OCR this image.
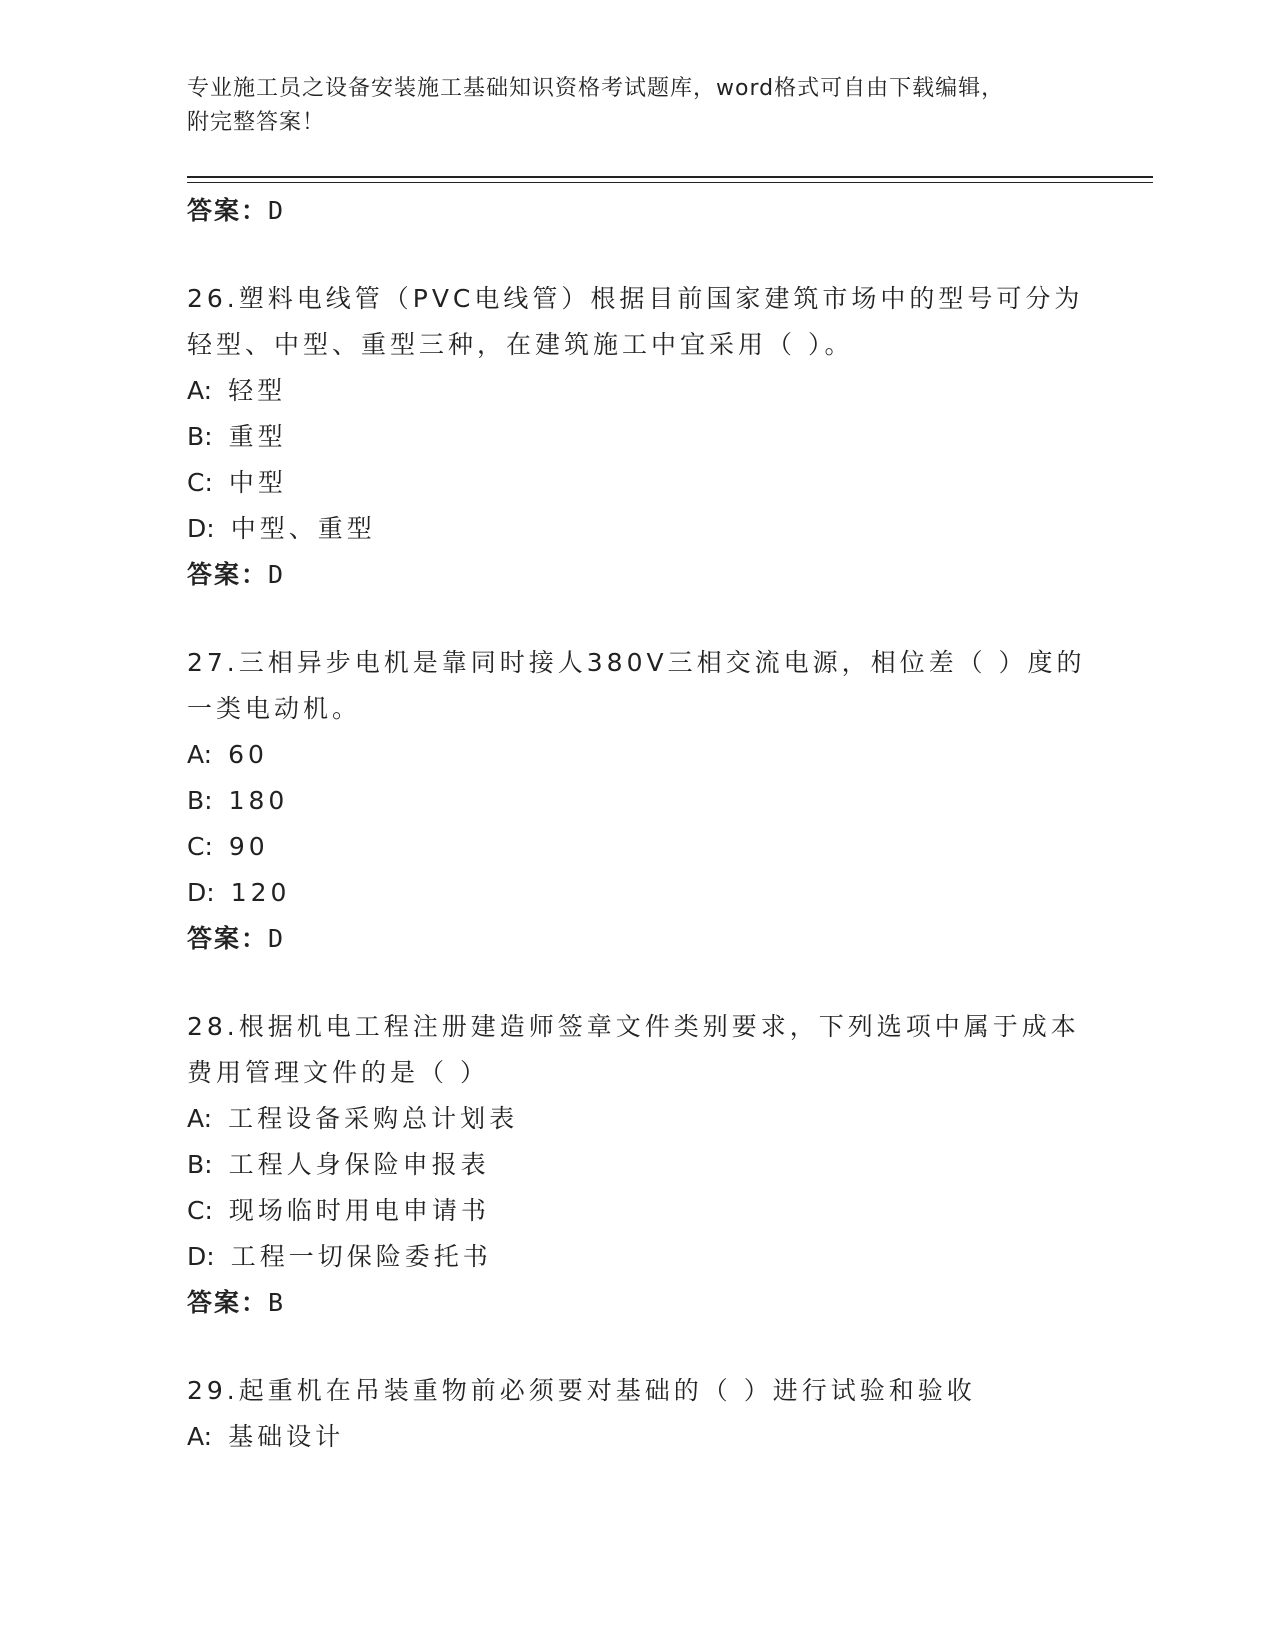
专业施工员之设备安装施工基础知识资格考试题库，word格式可自由下载编辑，
附完整答案！
答案：D
26.塑料电线管（PVC电线管）根据目前国家建筑市场中的型号可分为
轻型、中型、重型三种，在建筑施工中宜采用（ ）。
A: 轻型
B: 重型
C: 中型
D: 中型、重型
答案：D
27.三相异步电机是靠同时接人380V三相交流电源，相位差（ ）度的
一类电动机。
A: 60
B: 180
C: 90
D: 120
答案：D
28.根据机电工程注册建造师签章文件类别要求，下列选项中属于成本
费用管理文件的是（ ）
A: 工程设备采购总计划表
B: 工程人身保险申报表
C: 现场临时用电申请书
D: 工程一切保险委托书
答案：B
29.起重机在吊装重物前必须要对基础的（ ）进行试验和验收
A: 基础设计
